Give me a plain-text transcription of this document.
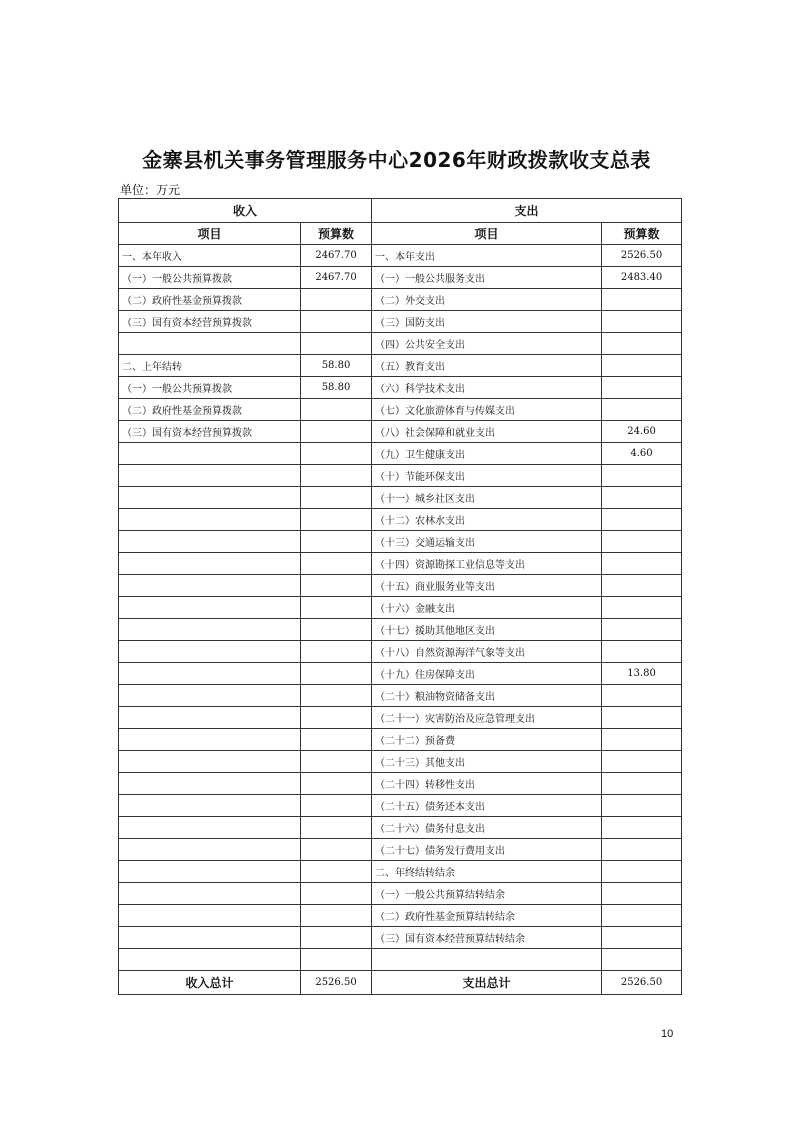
金寨县机关事务管理服务中心2026年财政拨款收支总表
单位：万元
收入		支出	
项目	预算数	项目	预算数
一、本年收入	2467.70	一、本年支出	2526.50
（一）一般公共预算拨款	2467.70	（一）一般公共服务支出	2483.40
（二）政府性基金预算拨款		（二）外交支出	
（三）国有资本经营预算拨款		（三）国防支出	
		（四）公共安全支出	
二、上年结转	58.80	（五）教育支出	
（一）一般公共预算拨款	58.80	（六）科学技术支出	
（二）政府性基金预算拨款		（七）文化旅游体育与传媒支出	
（三）国有资本经营预算拨款		（八）社会保障和就业支出	24.60
		（九）卫生健康支出	4.60
		（十）节能环保支出	
		（十一）城乡社区支出	
		（十二）农林水支出	
		（十三）交通运输支出	
		（十四）资源勘探工业信息等支出	
		（十五）商业服务业等支出	
		（十六）金融支出	
		（十七）援助其他地区支出	
		（十八）自然资源海洋气象等支出	
		（十九）住房保障支出	13.80
		（二十）粮油物资储备支出	
		（二十一）灾害防治及应急管理支出	
		（二十二）预备费	
		（二十三）其他支出	
		（二十四）转移性支出	
		（二十五）债务还本支出	
		（二十六）债务付息支出	
		（二十七）债务发行费用支出	
		二、年终结转结余	
		（一）一般公共预算结转结余	
		（二）政府性基金预算结转结余	
		（三）国有资本经营预算结转结余	

收入总计	2526.50	支出总计	2526.50
10
